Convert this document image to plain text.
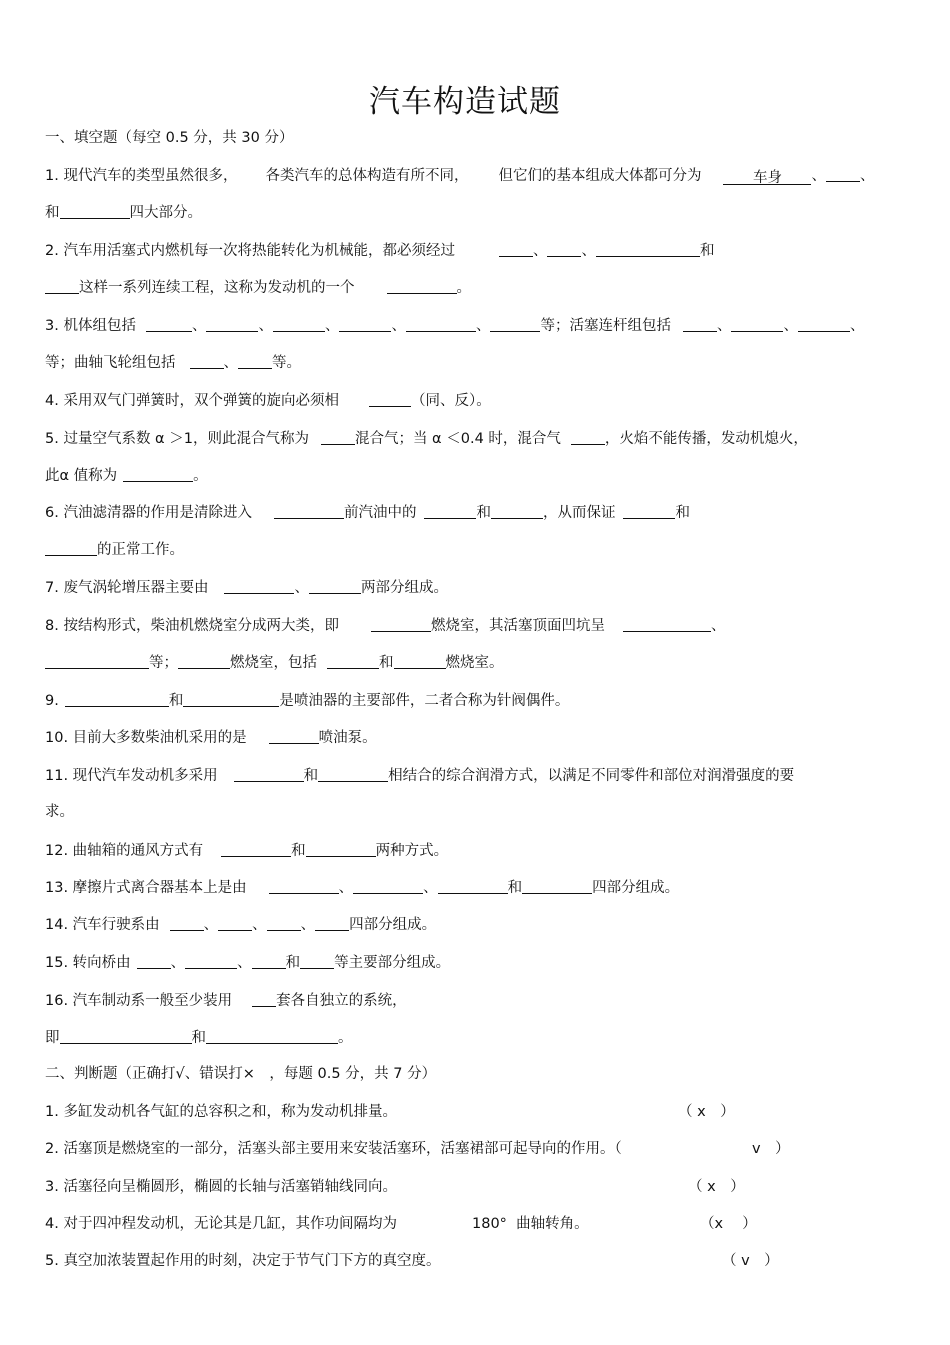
汽车构造试题
一、填空题（每空 0.5 分，共 30 分）
1. 现代汽车的类型虽然很多， 各类汽车的总体构造有所不同， 但它们的基本组成大体都可分为	车身 、 、
和	四大部分。
2. 汽车用活塞式内燃机每一次将热能转化为机械能，都必须经过	、 、	和
这样一系列连续工程，这称为发动机的一个	。
3. 机体组包括	、	、	、	、	、	等；活塞连杆组包括	、	、	、
等；曲轴飞轮组包括	、 等。
4. 采用双气门弹簧时，双个弹簧的旋向必须相	（同、反）。
5. 过量空气系数 α ＞1，则此混合气称为	混合气；当 α ＜0.4 时，混合气	，火焰不能传播，发动机熄火，
此α 值称为	。
6. 汽油滤清器的作用是清除进入	前汽油中的	和	，从而保证	和
的正常工作。
7. 废气涡轮增压器主要由	、	两部分组成。
8. 按结构形式，柴油机燃烧室分成两大类，即	燃烧室，其活塞顶面凹坑呈	、
等；	燃烧室，包括	和	燃烧室。
9.	和	是喷油器的主要部件，二者合称为针阀偶件。
10. 目前大多数柴油机采用的是	喷油泵。
11. 现代汽车发动机多采用	和	相结合的综合润滑方式，以满足不同零件和部位对润滑强度的要
求。
12. 曲轴箱的通风方式有	和	两种方式。
13. 摩擦片式离合器基本上是由	、	、	和	四部分组成。
14. 汽车行驶系由	、 、 、 四部分组成。
15. 转向桥由	、	、 和 等主要部分组成。
16. 汽车制动系一般至少装用	套各自独立的系统，
即	和	。
二、判断题（正确打√、错误打×　，每题 0.5 分，共 7 分）
1. 多缸发动机各气缸的总容积之和，称为发动机排量。	（ x　）
2. 活塞顶是燃烧室的一部分，活塞头部主要用来安装活塞环，活塞裙部可起导向的作用。（	v　）
3. 活塞径向呈椭圆形，椭圆的长轴与活塞销轴线同向。	（ x　）
4. 对于四冲程发动机，无论其是几缸，其作功间隔均为	180°  曲轴转角。	（x　 ）
5. 真空加浓装置起作用的时刻，决定于节气门下方的真空度。	（ v　）
